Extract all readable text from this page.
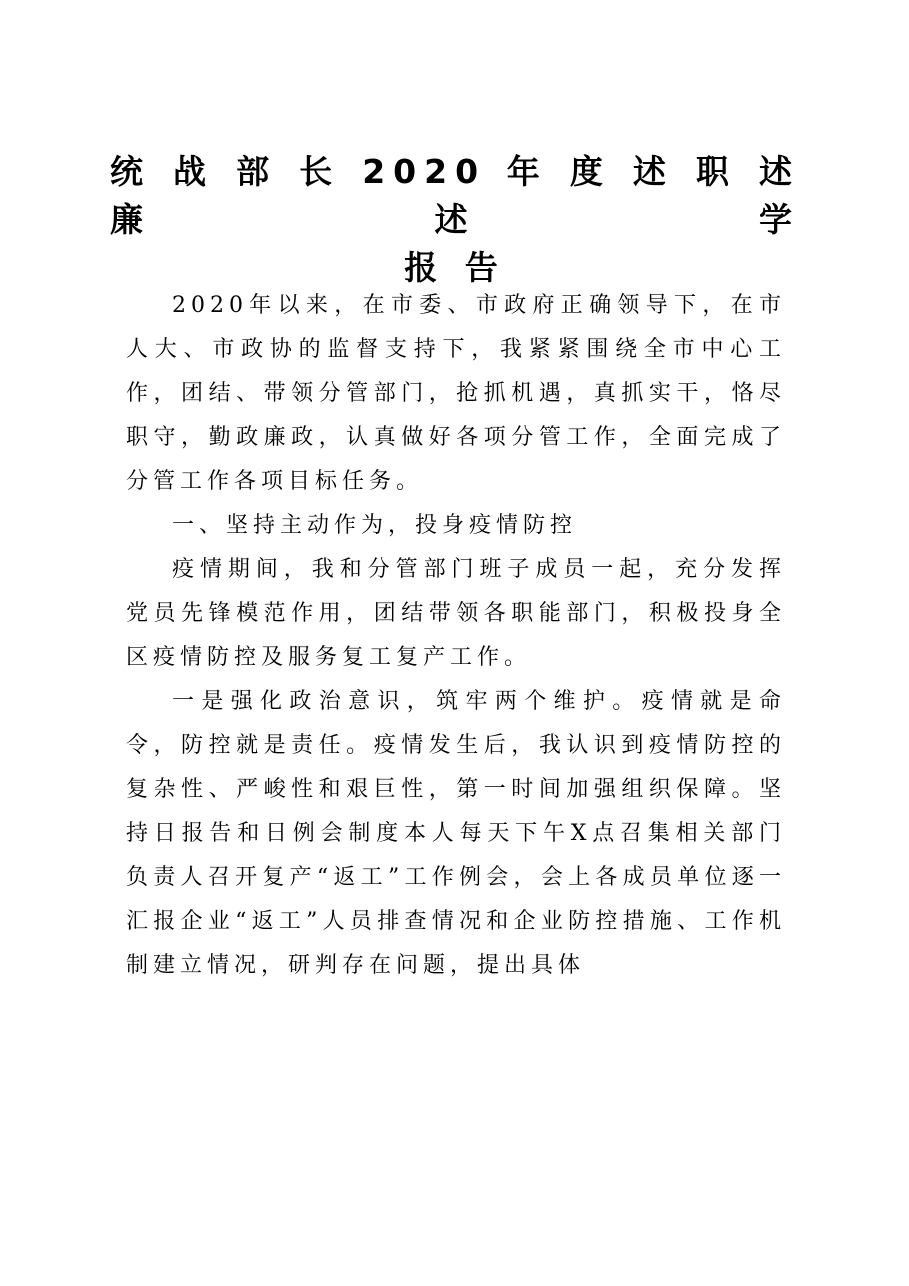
统 战 部 长 2020 年 度 述 职 述 廉 述 学
报 告

2020年以来，在市委、市政府正确领导下，在市人大、市政协的监督支持下，我紧紧围绕全市中心工作，团结、带领分管部门，抢抓机遇，真抓实干，恪尽职守，勤政廉政，认真做好各项分管工作，全面完成了分管工作各项目标任务。

一、坚持主动作为，投身疫情防控

疫情期间，我和分管部门班子成员一起，充分发挥党员先锋模范作用，团结带领各职能部门，积极投身全区疫情防控及服务复工复产工作。

一是强化政治意识，筑牢两个维护。疫情就是命令，防控就是责任。疫情发生后，我认识到疫情防控的复杂性、严峻性和艰巨性，第一时间加强组织保障。坚持日报告和日例会制度本人每天下午X点召集相关部门负责人召开复产“返工”工作例会，会上各成员单位逐一汇报企业“返工”人员排查情况和企业防控措施、工作机制建立情况，研判存在问题，提出具体
